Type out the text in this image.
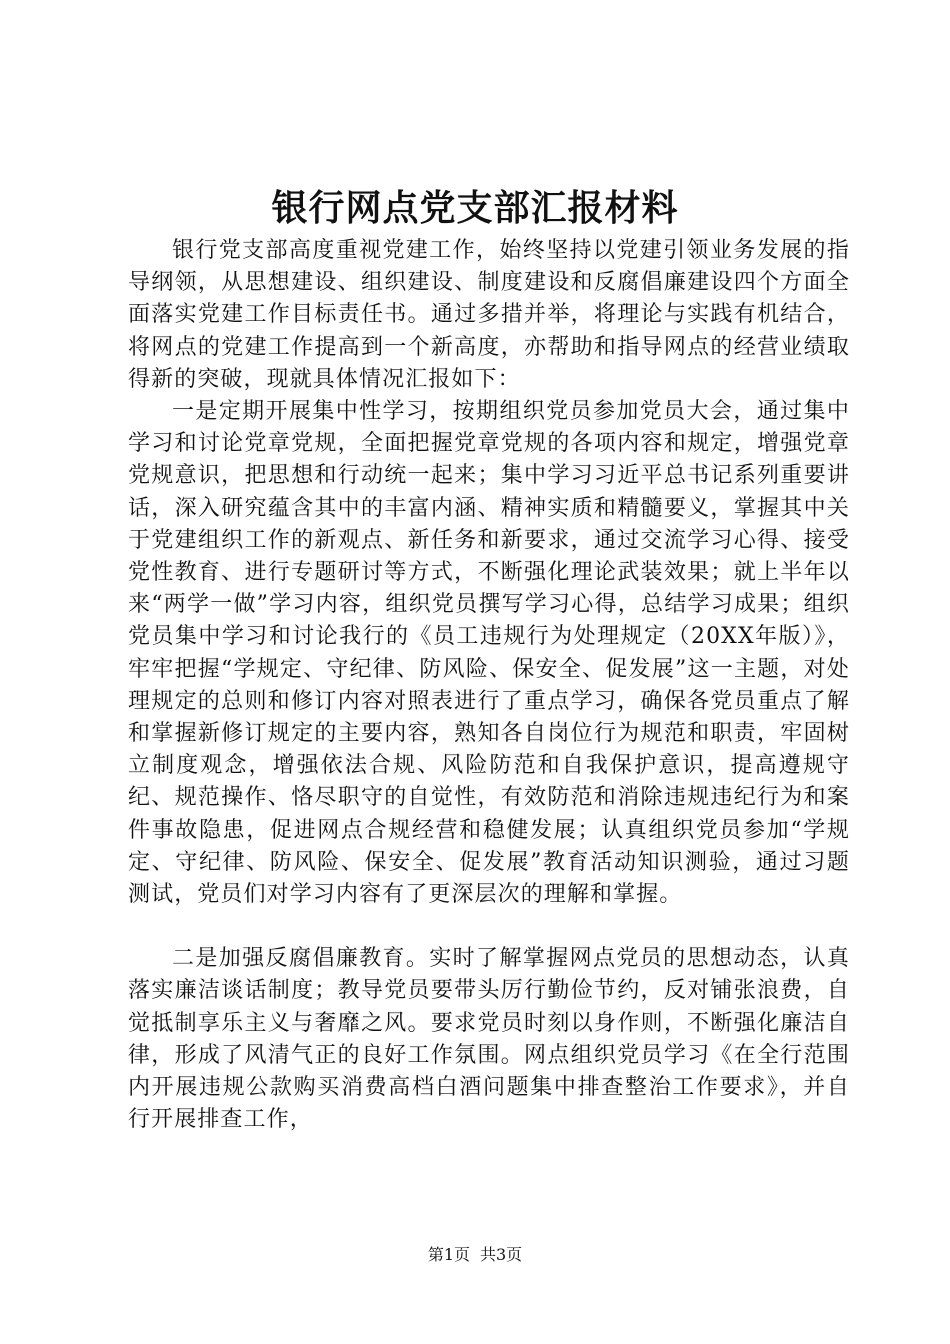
银行网点党支部汇报材料

银行党支部高度重视党建工作，始终坚持以党建引领业务发展的指导纲领，从思想建设、组织建设、制度建设和反腐倡廉建设四个方面全面落实党建工作目标责任书。通过多措并举，将理论与实践有机结合，将网点的党建工作提高到一个新高度，亦帮助和指导网点的经营业绩取得新的突破，现就具体情况汇报如下：

一是定期开展集中性学习，按期组织党员参加党员大会，通过集中学习和讨论党章党规，全面把握党章党规的各项内容和规定，增强党章党规意识，把思想和行动统一起来；集中学习习近平总书记系列重要讲话，深入研究蕴含其中的丰富内涵、精神实质和精髓要义，掌握其中关于党建组织工作的新观点、新任务和新要求，通过交流学习心得、接受党性教育、进行专题研讨等方式，不断强化理论武装效果；就上半年以来“两学一做”学习内容，组织党员撰写学习心得，总结学习成果；组织党员集中学习和讨论我行的《员工违规行为处理规定（20XX年版）》，牢牢把握“学规定、守纪律、防风险、保安全、促发展”这一主题，对处理规定的总则和修订内容对照表进行了重点学习，确保各党员重点了解和掌握新修订规定的主要内容，熟知各自岗位行为规范和职责，牢固树立制度观念，增强依法合规、风险防范和自我保护意识，提高遵规守纪、规范操作、恪尽职守的自觉性，有效防范和消除违规违纪行为和案件事故隐患，促进网点合规经营和稳健发展；认真组织党员参加“学规定、守纪律、防风险、保安全、促发展”教育活动知识测验，通过习题测试，党员们对学习内容有了更深层次的理解和掌握。

二是加强反腐倡廉教育。实时了解掌握网点党员的思想动态，认真落实廉洁谈话制度；教导党员要带头厉行勤俭节约，反对铺张浪费，自觉抵制享乐主义与奢靡之风。要求党员时刻以身作则，不断强化廉洁自律，形成了风清气正的良好工作氛围。网点组织党员学习《在全行范围内开展违规公款购买消费高档白酒问题集中排查整治工作要求》，并自行开展排查工作，

第1页 共3页
